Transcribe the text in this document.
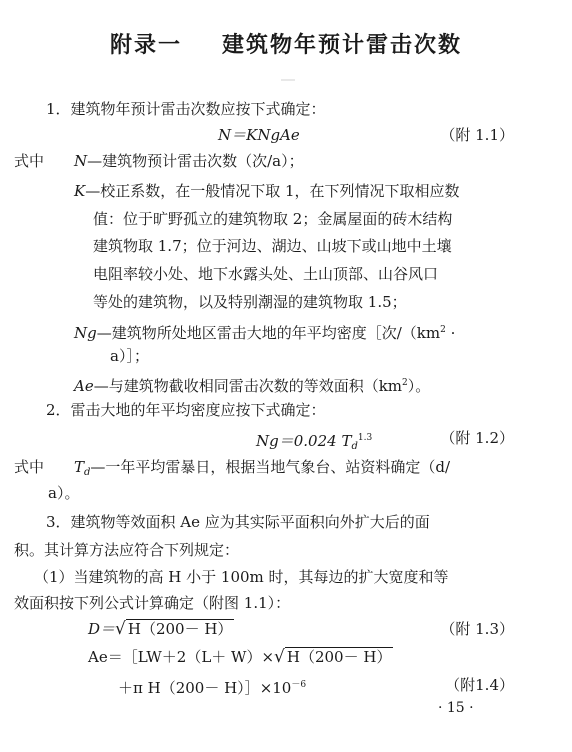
附录一 建筑物年预计雷击次数
1．建筑物年预计雷击次数应按下式确定：
N＝KNgAe	（附 1.1）
式中 N—建筑物预计雷击次数（次/a）；
K—校正系数，在一般情况下取 1，在下列情况下取相应数
值：位于旷野孤立的建筑物取 2；金属屋面的砖木结构
建筑物取 1.7；位于河边、湖边、山坡下或山地中土壤
电阻率较小处、地下水露头处、土山顶部、山谷风口
等处的建筑物，以及特别潮湿的建筑物取 1.5；
Ng—建筑物所处地区雷击大地的年平均密度［次$/(km^2$ ·
a）］；
Ae—与建筑物截收相同雷击次数的等效面积$(km^2)$。
2．雷击大地的年平均密度应按下式确定：
Ng＝0.024 $T_d^{1.3}$	（附 1.2）
式中 $T_d—$一年平均雷暴日，根据当地气象台、站资料确定（d/
a）。
3．建筑物等效面积 Ae 应为其实际平面积向外扩大后的面
积。其计算方法应符合下列规定：
（1）当建筑物的高 H 小于 100m 时，其每边的扩大宽度和等
效面积按下列公式计算确定（附图 1.1）：
D＝√ H（200－ H）	（附 1.3）
Ae＝［LW＋2（L＋ W）×√ H（200－ H）
＋π $H(200- H)]\times 10^{-6}$	（附1.4）
· 15 ·
